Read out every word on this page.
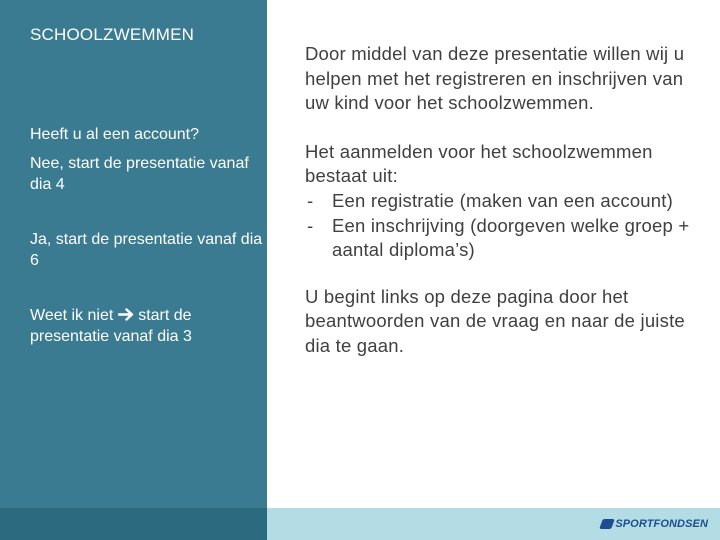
SCHOOLZWEMMEN
Heeft u al een account?
Nee, start de presentatie vanaf dia 4
Ja, start de presentatie vanaf dia 6
Weet ik niet  start de presentatie vanaf dia 3

Door middel van deze presentatie willen wij u helpen met het registreren en inschrijven van uw kind voor het schoolzwemmen.

Het aanmelden voor het schoolzwemmen bestaat uit:

- Een registratie (maken van een account)
- Een inschrijving (doorgeven welke groep + aantal diploma’s)

U begint links op deze pagina door het beantwoorden van de vraag en naar de juiste dia te gaan.

SPORTFONDSEN
